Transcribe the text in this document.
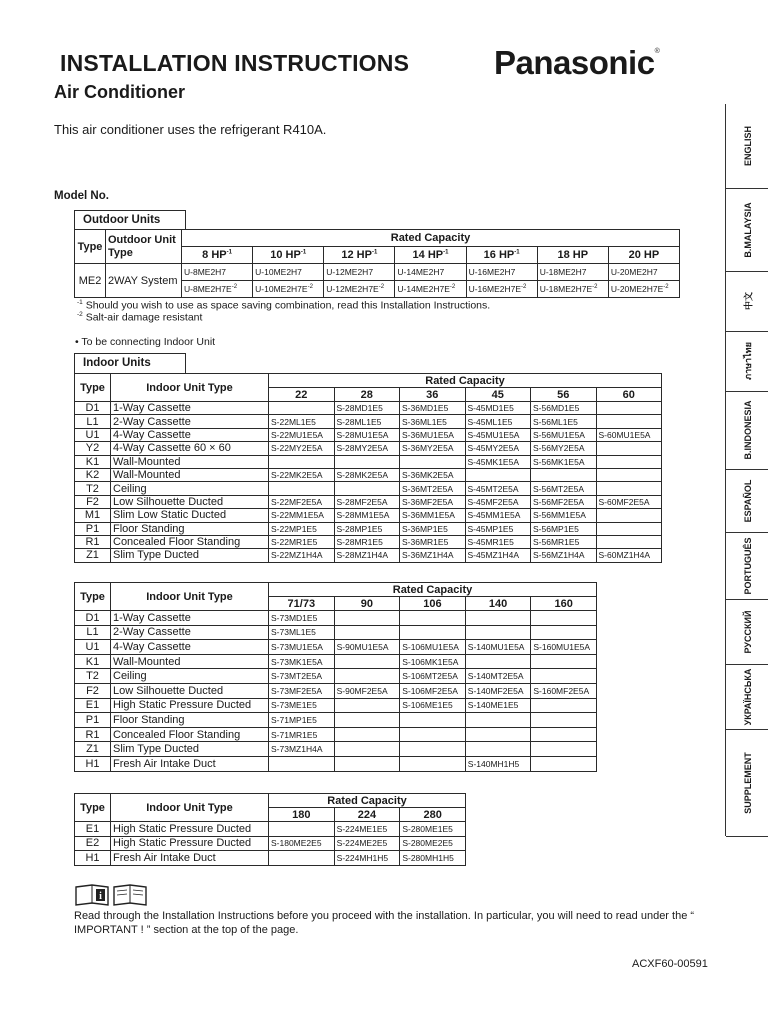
INSTALLATION INSTRUCTIONS
Air Conditioner
Panasonic®
This air conditioner uses the refrigerant R410A.
Model No.
Outdoor Units
Type	Outdoor Unit Type	Rated Capacity						
		8 $HP^{-1}$	10 $HP^{-1}$	12 $HP^{-1}$	14 $HP^{-1}$	16 $HP^{-1}$	18 HP	20 HP
ME2	2WAY System	U-8ME2H7	U-10ME2H7	U-12ME2H7	U-14ME2H7	U-16ME2H7	U-18ME2H7	U-20ME2H7
		$U-8ME2H7E^{-2}$	$U-10ME2H7E^{-2}$	$U-12ME2H7E^{-2}$	$U-14ME2H7E^{-2}$	$U-16ME2H7E^{-2}$	$U-18ME2H7E^{-2}$	$U-20ME2H7E^{-2}$
$^{-1}$ Should you wish to use as space saving combination, read this Installation Instructions.
$^{-2}$ Salt-air damage resistant
• To be connecting Indoor Unit
Indoor Units
Type	Indoor Unit Type	Rated Capacity					
		22	28	36	45	56	60
D1	1-Way Cassette		S-28MD1E5	S-36MD1E5	S-45MD1E5	S-56MD1E5	
L1	2-Way Cassette	S-22ML1E5	S-28ML1E5	S-36ML1E5	S-45ML1E5	S-56ML1E5	
U1	4-Way Cassette	S-22MU1E5A	S-28MU1E5A	S-36MU1E5A	S-45MU1E5A	S-56MU1E5A	S-60MU1E5A
Y2	4-Way Cassette 60 × 60	S-22MY2E5A	S-28MY2E5A	S-36MY2E5A	S-45MY2E5A	S-56MY2E5A	
K1	Wall-Mounted				S-45MK1E5A	S-56MK1E5A	
K2	Wall-Mounted	S-22MK2E5A	S-28MK2E5A	S-36MK2E5A			
T2	Ceiling			S-36MT2E5A	S-45MT2E5A	S-56MT2E5A	
F2	Low Silhouette Ducted	S-22MF2E5A	S-28MF2E5A	S-36MF2E5A	S-45MF2E5A	S-56MF2E5A	S-60MF2E5A
M1	Slim Low Static Ducted	S-22MM1E5A	S-28MM1E5A	S-36MM1E5A	S-45MM1E5A	S-56MM1E5A	
P1	Floor Standing	S-22MP1E5	S-28MP1E5	S-36MP1E5	S-45MP1E5	S-56MP1E5	
R1	Concealed Floor Standing	S-22MR1E5	S-28MR1E5	S-36MR1E5	S-45MR1E5	S-56MR1E5	
Z1	Slim Type Ducted	S-22MZ1H4A	S-28MZ1H4A	S-36MZ1H4A	S-45MZ1H4A	S-56MZ1H4A	S-60MZ1H4A
Type	Indoor Unit Type	Rated Capacity				
		71/73	90	106	140	160
D1	1-Way Cassette	S-73MD1E5				
L1	2-Way Cassette	S-73ML1E5				
U1	4-Way Cassette	S-73MU1E5A	S-90MU1E5A	S-106MU1E5A	S-140MU1E5A	S-160MU1E5A
K1	Wall-Mounted	S-73MK1E5A		S-106MK1E5A		
T2	Ceiling	S-73MT2E5A		S-106MT2E5A	S-140MT2E5A	
F2	Low Silhouette Ducted	S-73MF2E5A	S-90MF2E5A	S-106MF2E5A	S-140MF2E5A	S-160MF2E5A
E1	High Static Pressure Ducted	S-73ME1E5		S-106ME1E5	S-140ME1E5	
P1	Floor Standing	S-71MP1E5				
R1	Concealed Floor Standing	S-71MR1E5				
Z1	Slim Type Ducted	S-73MZ1H4A				
H1	Fresh Air Intake Duct				S-140MH1H5	
Type	Indoor Unit Type	Rated Capacity		
		180	224	280
E1	High Static Pressure Ducted		S-224ME1E5	S-280ME1E5
E2	High Static Pressure Ducted	S-180ME2E5	S-224ME2E5	S-280ME2E5
H1	Fresh Air Intake Duct		S-224MH1H5	S-280MH1H5
ENGLISH
B.MALAYSIA
中文
ภาษาไทย
B.INDONESIA
ESPAÑOL
PORTUGUÊS
РУССКИЙ
УКРАЇНСЬКА
SUPPLEMENT
i
Read through the Installation Instructions before you proceed with the installation. In particular, you will need to read under the “ IMPORTANT ! ” section at the top of the page.
ACXF60-00591
